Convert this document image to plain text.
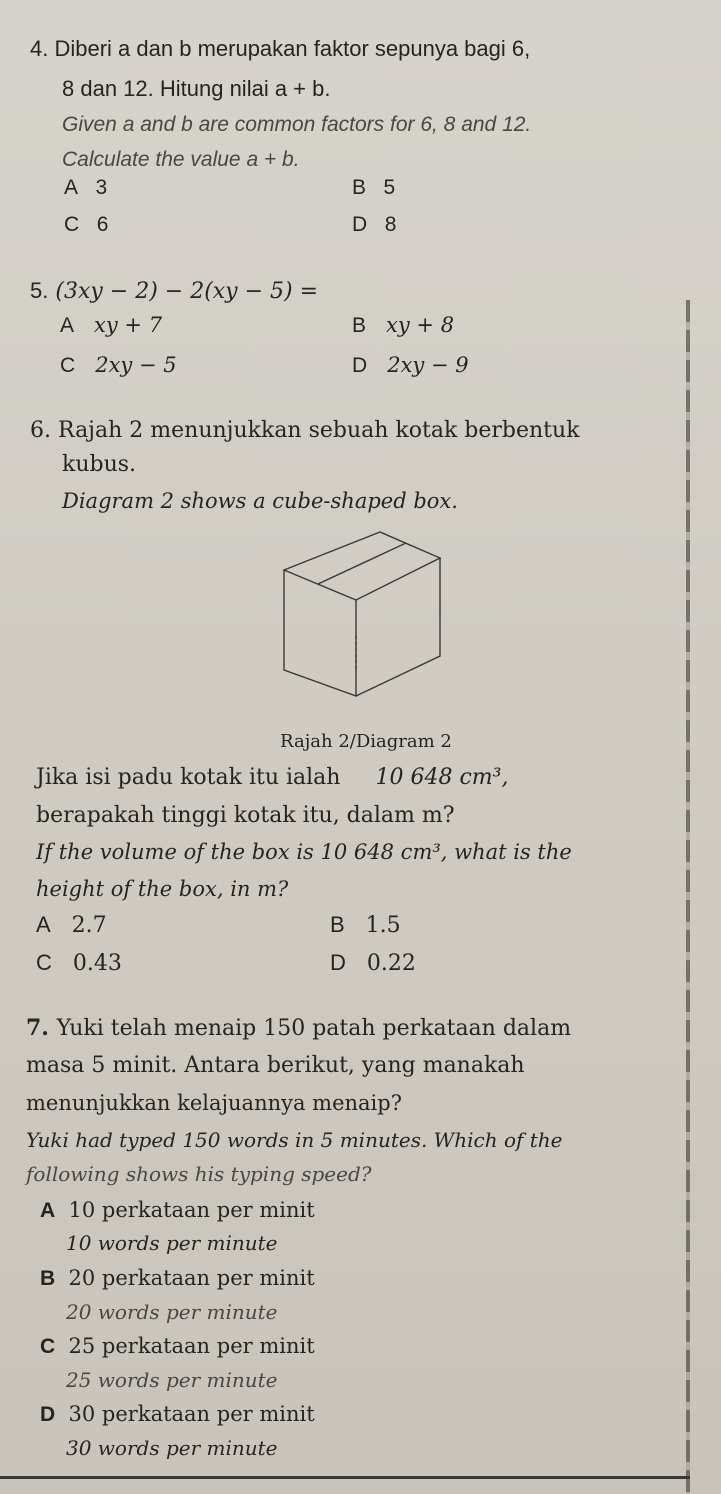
4. Diberi a dan b merupakan faktor sepunya bagi 6,
8 dan 12. Hitung nilai a + b.
Given a and b are common factors for 6, 8 and 12.
Calculate the value a + b.
A 3	B 5
C 6	D 8
5. (3xy − 2) − 2(xy − 5) =
A xy + 7	B xy + 8
C 2xy − 5	D 2xy − 9
6. Rajah 2 menunjukkan sebuah kotak berbentuk
kubus.
Diagram 2 shows a cube-shaped box.
Rajah 2/Diagram 2
Jika isi padu kotak itu ialah 10 648 cm³,
berapakah tinggi kotak itu, dalam m?
If the volume of the box is 10 648 cm³, what is the
height of the box, in m?
A 2.7	B 1.5
C 0.43	D 0.22
7. Yuki telah menaip 150 patah perkataan dalam
masa 5 minit. Antara berikut, yang manakah
menunjukkan kelajuannya menaip?
Yuki had typed 150 words in 5 minutes. Which of the
following shows his typing speed?
A 10 perkataan per minit
10 words per minute
B 20 perkataan per minit
20 words per minute
C 25 perkataan per minit
25 words per minute
D 30 perkataan per minit
30 words per minute
